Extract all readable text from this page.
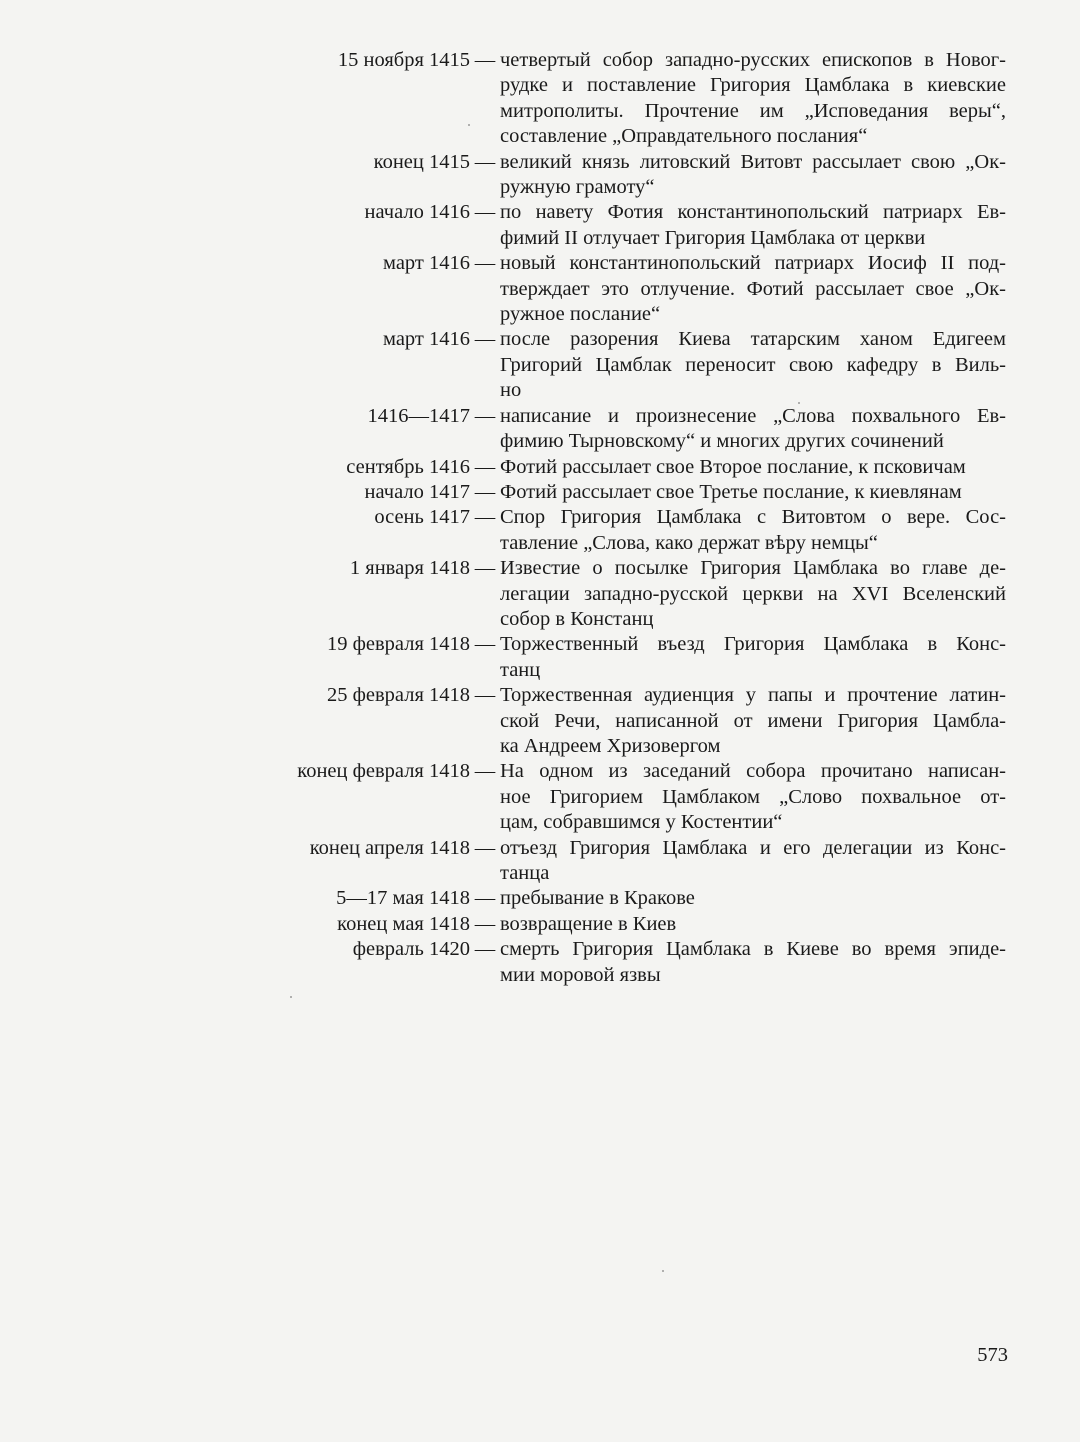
15 ноября 1415 — четвертый собор западно-русских епископов в Новог-
рудке и поставление Григория Цамблака в киевские
митрополиты. Прочтение им „Исповедания веры“,
составление „Оправдательного послания“
конец 1415 — великий князь литовский Витовт рассылает свою „Ок-
ружную грамоту“
начало 1416 — по навету Фотия константинопольский патриарх Ев-
фимий II отлучает Григория Цамблака от церкви
март 1416 — новый константинопольский патриарх Иосиф II под-
тверждает это отлучение. Фотий рассылает свое „Ок-
ружное послание“
март 1416 — после разорения Киева татарским ханом Едигеем
Григорий Цамблак переносит свою кафедру в Виль-
но
1416—1417 — написание и произнесение „Слова похвального Ев-
фимию Тырновскому“ и многих других сочинений
сентябрь 1416 — Фотий рассылает свое Второе послание, к псковичам
начало 1417 — Фотий рассылает свое Третье послание, к киевлянам
осень 1417 — Спор Григория Цамблака с Витовтом о вере. Сос-
тавление „Слова, како держат вѣру немцы“
1 января 1418 — Известие о посылке Григория Цамблака во главе де-
легации западно-русской церкви на XVI Вселенский
собор в Констанц
19 февраля 1418 — Торжественный въезд Григория Цамблака в Конс-
танц
25 февраля 1418 — Торжественная аудиенция у папы и прочтение латин-
ской Речи, написанной от имени Григория Цамбла-
ка Андреем Хризовергом
конец февраля 1418 — На одном из заседаний собора прочитано написан-
ное Григорием Цамблаком „Слово похвальное от-
цам, собравшимся у Костентии“
конец апреля 1418 — отъезд Григория Цамблака и его делегации из Конс-
танца
5—17 мая 1418 — пребывание в Кракове
конец мая 1418 — возвращение в Киев
февраль 1420 — смерть Григория Цамблака в Киеве во время эпиде-
мии моровой язвы
573
